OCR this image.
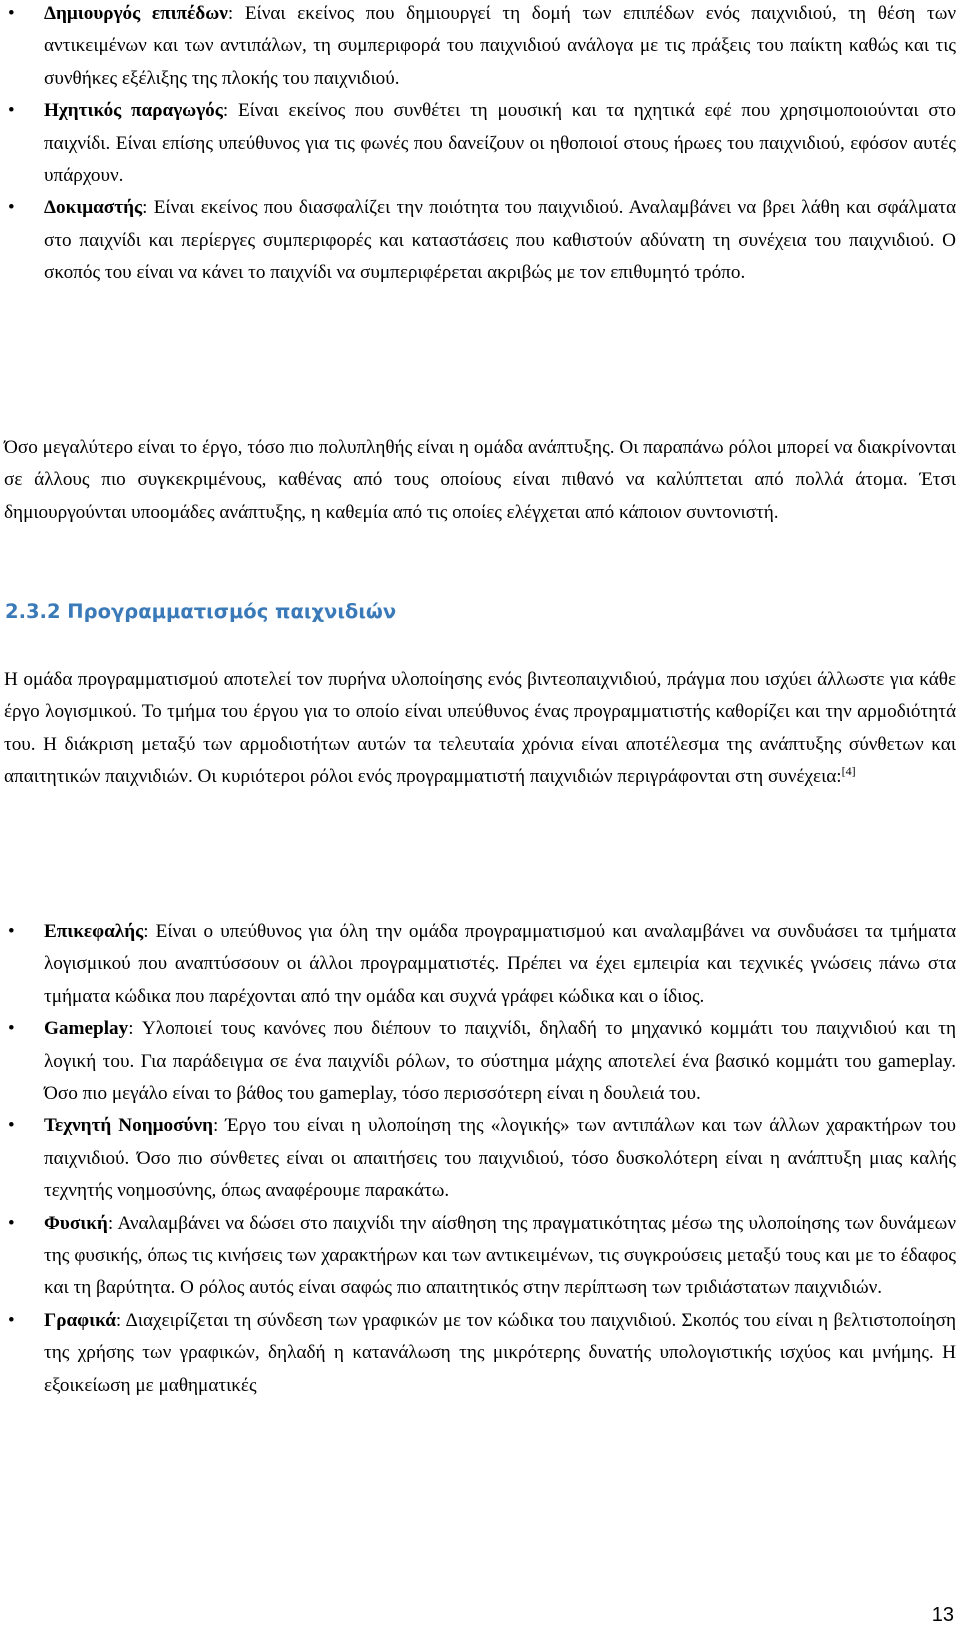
• Δημιουργός επιπέδων: Είναι εκείνος που δημιουργεί τη δομή των επιπέδων ενός παιχνιδιού, τη θέση των αντικειμένων και των αντιπάλων, τη συμπεριφορά του παιχνιδιού ανάλογα με τις πράξεις του παίκτη καθώς και τις συνθήκες εξέλιξης της πλοκής του παιχνιδιού.
• Ηχητικός παραγωγός: Είναι εκείνος που συνθέτει τη μουσική και τα ηχητικά εφέ που χρησιμοποιούνται στο παιχνίδι. Είναι επίσης υπεύθυνος για τις φωνές που δανείζουν οι ηθοποιοί στους ήρωες του παιχνιδιού, εφόσον αυτές υπάρχουν.
• Δοκιμαστής: Είναι εκείνος που διασφαλίζει την ποιότητα του παιχνιδιού. Αναλαμβάνει να βρει λάθη και σφάλματα στο παιχνίδι και περίεργες συμπεριφορές και καταστάσεις που καθιστούν αδύνατη τη συνέχεια του παιχνιδιού. Ο σκοπός του είναι να κάνει το παιχνίδι να συμπεριφέρεται ακριβώς με τον επιθυμητό τρόπο.

Όσο μεγαλύτερο είναι το έργο, τόσο πιο πολυπληθής είναι η ομάδα ανάπτυξης. Οι παραπάνω ρόλοι μπορεί να διακρίνονται σε άλλους πιο συγκεκριμένους, καθένας από τους οποίους είναι πιθανό να καλύπτεται από πολλά άτομα. Έτσι δημιουργούνται υποομάδες ανάπτυξης, η καθεμία από τις οποίες ελέγχεται από κάποιον συντονιστή.

2.3.2 Προγραμματισμός παιχνιδιών

Η ομάδα προγραμματισμού αποτελεί τον πυρήνα υλοποίησης ενός βιντεοπαιχνιδιού, πράγμα που ισχύει άλλωστε για κάθε έργο λογισμικού. Το τμήμα του έργου για το οποίο είναι υπεύθυνος ένας προγραμματιστής καθορίζει και την αρμοδιότητά του. Η διάκριση μεταξύ των αρμοδιοτήτων αυτών τα τελευταία χρόνια είναι αποτέλεσμα της ανάπτυξης σύνθετων και απαιτητικών παιχνιδιών. Οι κυριότεροι ρόλοι ενός προγραμματιστή παιχνιδιών περιγράφονται στη συνέχεια:[4]

• Επικεφαλής: Είναι ο υπεύθυνος για όλη την ομάδα προγραμματισμού και αναλαμβάνει να συνδυάσει τα τμήματα λογισμικού που αναπτύσσουν οι άλλοι προγραμματιστές. Πρέπει να έχει εμπειρία και τεχνικές γνώσεις πάνω στα τμήματα κώδικα που παρέχονται από την ομάδα και συχνά γράφει κώδικα και ο ίδιος.
• Gameplay: Υλοποιεί τους κανόνες που διέπουν το παιχνίδι, δηλαδή το μηχανικό κομμάτι του παιχνιδιού και τη λογική του. Για παράδειγμα σε ένα παιχνίδι ρόλων, το σύστημα μάχης αποτελεί ένα βασικό κομμάτι του gameplay. Όσο πιο μεγάλο είναι το βάθος του gameplay, τόσο περισσότερη είναι η δουλειά του.
• Τεχνητή Νοημοσύνη: Έργο του είναι η υλοποίηση της «λογικής» των αντιπάλων και των άλλων χαρακτήρων του παιχνιδιού. Όσο πιο σύνθετες είναι οι απαιτήσεις του παιχνιδιού, τόσο δυσκολότερη είναι η ανάπτυξη μιας καλής τεχνητής νοημοσύνης, όπως αναφέρουμε παρακάτω.
• Φυσική: Αναλαμβάνει να δώσει στο παιχνίδι την αίσθηση της πραγματικότητας μέσω της υλοποίησης των δυνάμεων της φυσικής, όπως τις κινήσεις των χαρακτήρων και των αντικειμένων, τις συγκρούσεις μεταξύ τους και με το έδαφος και τη βαρύτητα. Ο ρόλος αυτός είναι σαφώς πιο απαιτητικός στην περίπτωση των τριδιάστατων παιχνιδιών.
• Γραφικά: Διαχειρίζεται τη σύνδεση των γραφικών με τον κώδικα του παιχνιδιού. Σκοπός του είναι η βελτιστοποίηση της χρήσης των γραφικών, δηλαδή η κατανάλωση της μικρότερης δυνατής υπολογιστικής ισχύος και μνήμης. Η εξοικείωση με μαθηματικές
13
